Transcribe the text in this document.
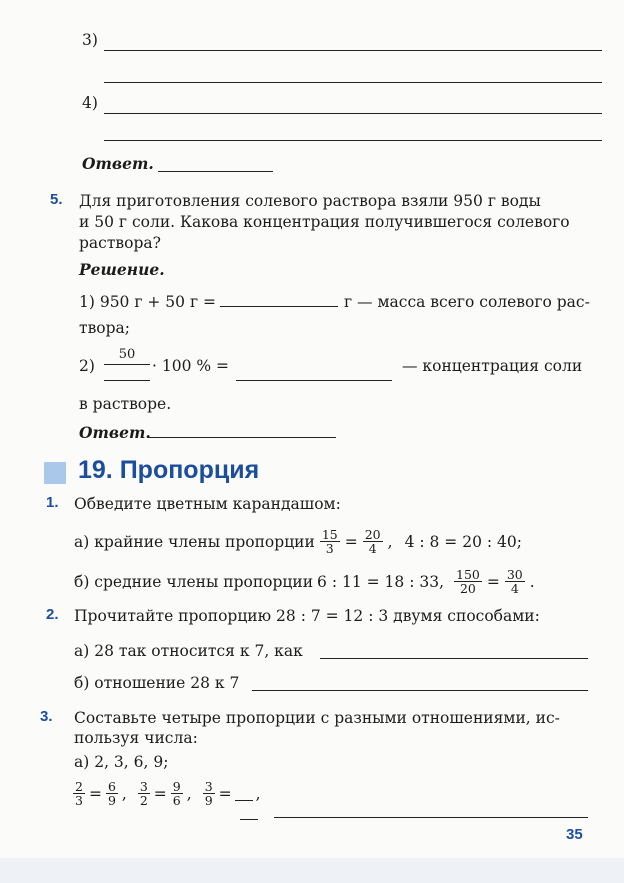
3)
4)
Ответ.
5. Для приготовления солевого раствора взяли 950 г воды
и 50 г соли. Какова концентрация получившегося солевого
раствора?
Решение.
1) 950 г + 50 г =	г — масса всего солевого рас-
твора;
2)
50
· 100 % =	— концентрация соли
в растворе.
Ответ.
19. Пропорция
1. Обведите цветным карандашом:
а) крайние члены пропорции $\frac{15}{3} = \frac{20}{4}$ , 4 : 8 = 20 : 40;
б) средние члены пропорции 6 : 11 = 18 : 33, $\frac{150}{20} = \frac{30}{4}$ .
2. Прочитайте пропорцию 28 : 7 = 12 : 3 двумя способами:
а) 28 так относится к 7, как
б) отношение 28 к 7
3. Составьте четыре пропорции с разными отношениями, ис-
пользуя числа:
а) 2, 3, 6, 9;
$\frac{2}{3} = \frac{6}{9}$ , $\frac{3}{2} = \frac{9}{6}$ , $\frac{3}{9}$ = ,
35
